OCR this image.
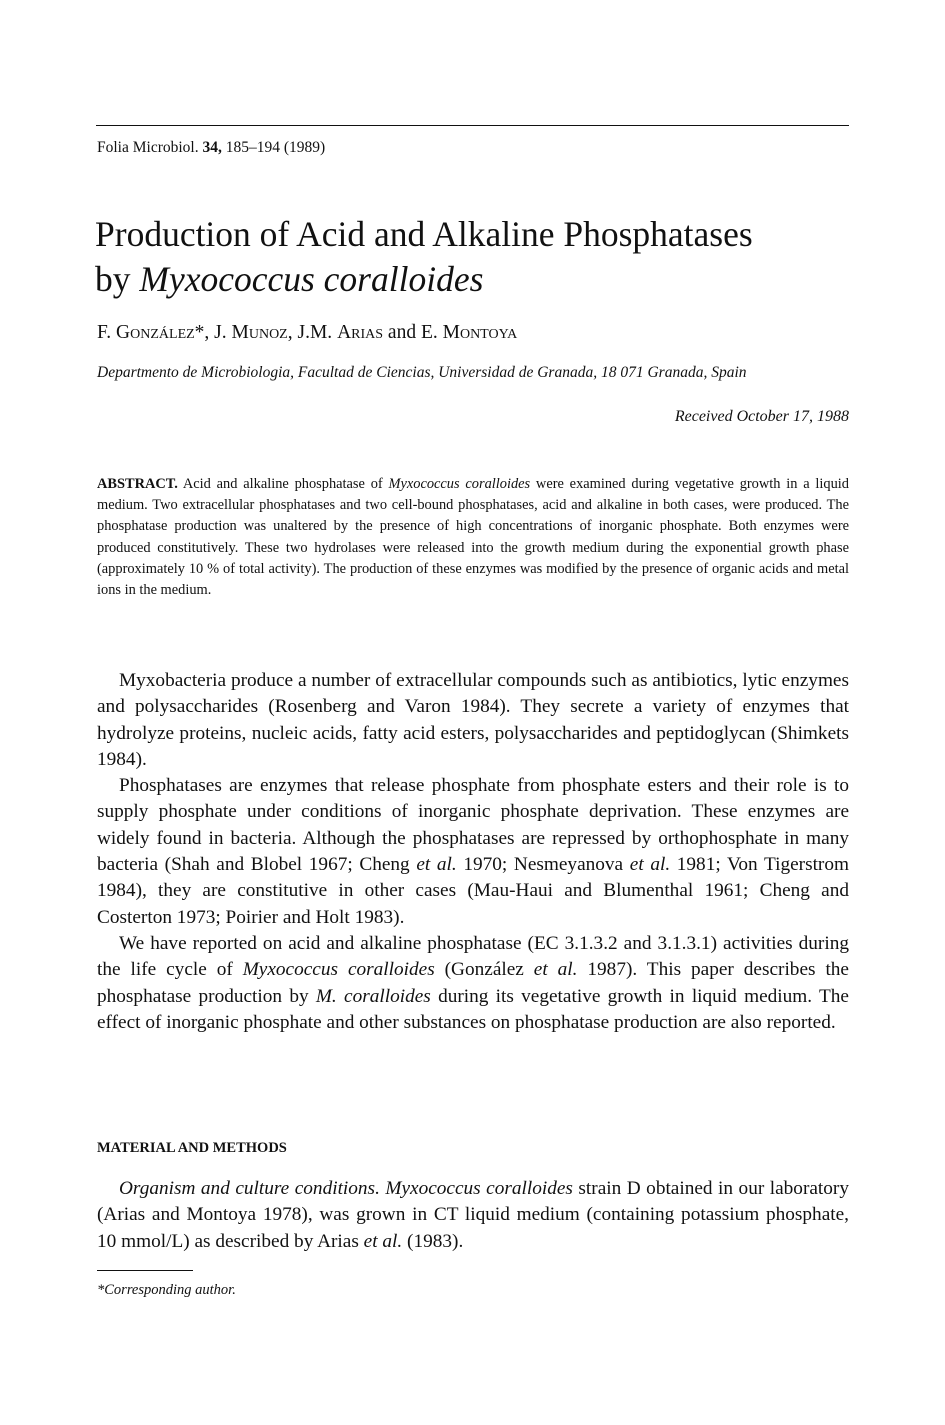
Folia Microbiol. 34, 185–194 (1989)
Production of Acid and Alkaline Phosphatases
by Myxococcus coralloides
F. González*, J. Munoz, J.M. Arias and E. Montoya
Departmento de Microbiologia, Facultad de Ciencias, Universidad de Granada, 18 071 Granada, Spain
Received October 17, 1988

ABSTRACT. Acid and alkaline phosphatase of Myxococcus coralloides were examined during vegetative growth in a liquid medium. Two extracellular phosphatases and two cell-bound phosphatases, acid and alkaline in both cases, were produced. The phosphatase production was unaltered by the presence of high concentrations of inorganic phosphate. Both enzymes were produced constitutively. These two hydrolases were released into the growth medium during the exponential growth phase (approximately 10 % of total activity). The production of these enzymes was modified by the presence of organic acids and metal ions in the medium.

Myxobacteria produce a number of extracellular compounds such as antibiotics, lytic enzymes and polysaccharides (Rosenberg and Varon 1984). They secrete a variety of enzymes that hydrolyze proteins, nucleic acids, fatty acid esters, polysaccharides and peptidoglycan (Shimkets 1984).

Phosphatases are enzymes that release phosphate from phosphate esters and their role is to supply phosphate under conditions of inorganic phosphate deprivation. These enzymes are widely found in bacteria. Although the phosphatases are repressed by orthophosphate in many bacteria (Shah and Blobel 1967; Cheng et al. 1970; Nesmeyanova et al. 1981; Von Tigerstrom 1984), they are constitutive in other cases (Mau-Haui and Blumenthal 1961; Cheng and Costerton 1973; Poirier and Holt 1983).

We have reported on acid and alkaline phosphatase (EC 3.1.3.2 and 3.1.3.1) activities during the life cycle of Myxococcus coralloides (González et al. 1987). This paper describes the phosphatase production by M. coralloides during its vegetative growth in liquid medium. The effect of inorganic phosphate and other substances on phosphatase production are also reported.

MATERIAL AND METHODS

Organism and culture conditions. Myxococcus coralloides strain D obtained in our laboratory (Arias and Montoya 1978), was grown in CT liquid medium (containing potassium phosphate, 10 mmol/L) as described by Arias et al. (1983).

*Corresponding author.
